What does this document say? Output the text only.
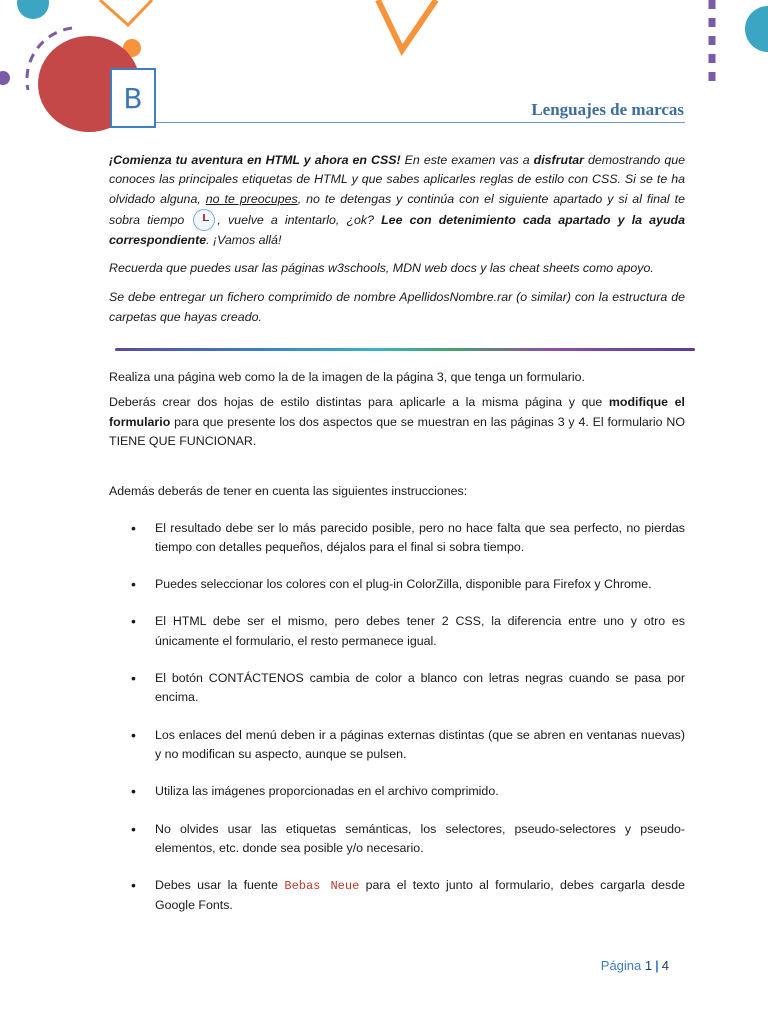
B	Lenguajes de marcas

¡Comienza tu aventura en HTML y ahora en CSS! En este examen vas a disfrutar demostrando que conoces las principales etiquetas de HTML y que sabes aplicarles reglas de estilo con CSS. Si se te ha olvidado alguna, no te preocupes, no te detengas y continúa con el siguiente apartado y si al final te sobra tiempo , vuelve a intentarlo, ¿ok? Lee con detenimiento cada apartado y la ayuda correspondiente. ¡Vamos allá!

Recuerda que puedes usar las páginas w3schools, MDN web docs y las cheat sheets como apoyo.

Se debe entregar un fichero comprimido de nombre ApellidosNombre.rar (o similar) con la estructura de carpetas que hayas creado.

Realiza una página web como la de la imagen de la página 3, que tenga un formulario.

Deberás crear dos hojas de estilo distintas para aplicarle a la misma página y que modifique el formulario para que presente los dos aspectos que se muestran en las páginas 3 y 4. El formulario NO TIENE QUE FUNCIONAR.

Además deberás de tener en cuenta las siguientes instrucciones:

• El resultado debe ser lo más parecido posible, pero no hace falta que sea perfecto, no pierdas tiempo con detalles pequeños, déjalos para el final si sobra tiempo.
• Puedes seleccionar los colores con el plug-in ColorZilla, disponible para Firefox y Chrome.
• El HTML debe ser el mismo, pero debes tener 2 CSS, la diferencia entre uno y otro es únicamente el formulario, el resto permanece igual.
• El botón CONTÁCTENOS cambia de color a blanco con letras negras cuando se pasa por encima.
• Los enlaces del menú deben ir a páginas externas distintas (que se abren en ventanas nuevas) y no modifican su aspecto, aunque se pulsen.
• Utiliza las imágenes proporcionadas en el archivo comprimido.
• No olvides usar las etiquetas semánticas, los selectores, pseudo-selectores y pseudo-elementos, etc. donde sea posible y/o necesario.
• Debes usar la fuente Bebas Neue para el texto junto al formulario, debes cargarla desde Google Fonts.
Página 1 | 4
